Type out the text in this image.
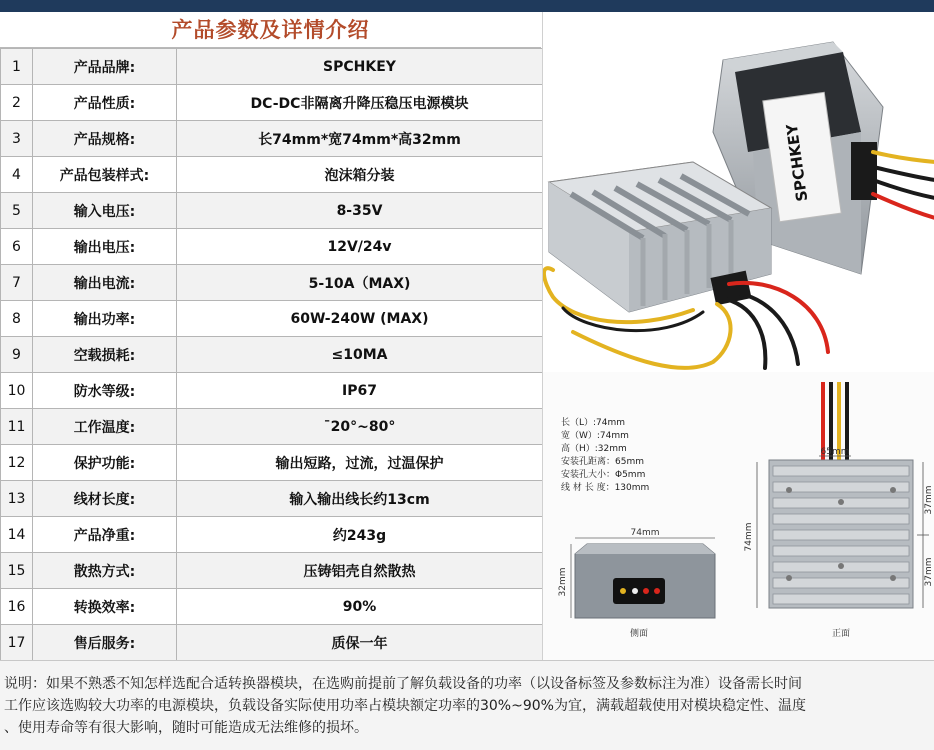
产品参数及详情介绍
1	产品品牌:	SPCHKEY
2	产品性质:	DC-DC非隔离升降压稳压电源模块
3	产品规格:	长74mm*宽74mm*高32mm
4	产品包装样式:	泡沫箱分装
5	输入电压:	8-35V
6	输出电压:	12V/24v
7	输出电流:	5-10A（MAX)
8	输出功率:	60W-240W (MAX)
9	空载损耗:	≤10MA
10	防水等级:	IP67
11	工作温度:	ˉ20°~80°
12	保护功能:	输出短路，过流，过温保护
13	线材长度:	输入输出线长约13cm
14	产品净重:	约243g
15	散热方式:	压铸铝壳自然散热
16	转换效率:	90%
17	售后服务:	质保一年
SPCHKEY
长（L）:74mm
宽（W）:74mm
高（H）:32mm
安装孔距离：65mm
安装孔大小：Φ5mm
线 材 长 度：130mm
74mm
32mm
侧面
65mm
74mm
37mm
37mm
正面
说明：如果不熟悉不知怎样选配合适转换器模块，在选购前提前了解负载设备的功率（以设备标签及参数标注为准）设备需长时间
工作应该选购较大功率的电源模块，负载设备实际使用功率占模块额定功率的30%~90%为宜，满载超载使用对模块稳定性、温度
、使用寿命等有很大影响，随时可能造成无法维修的损坏。
